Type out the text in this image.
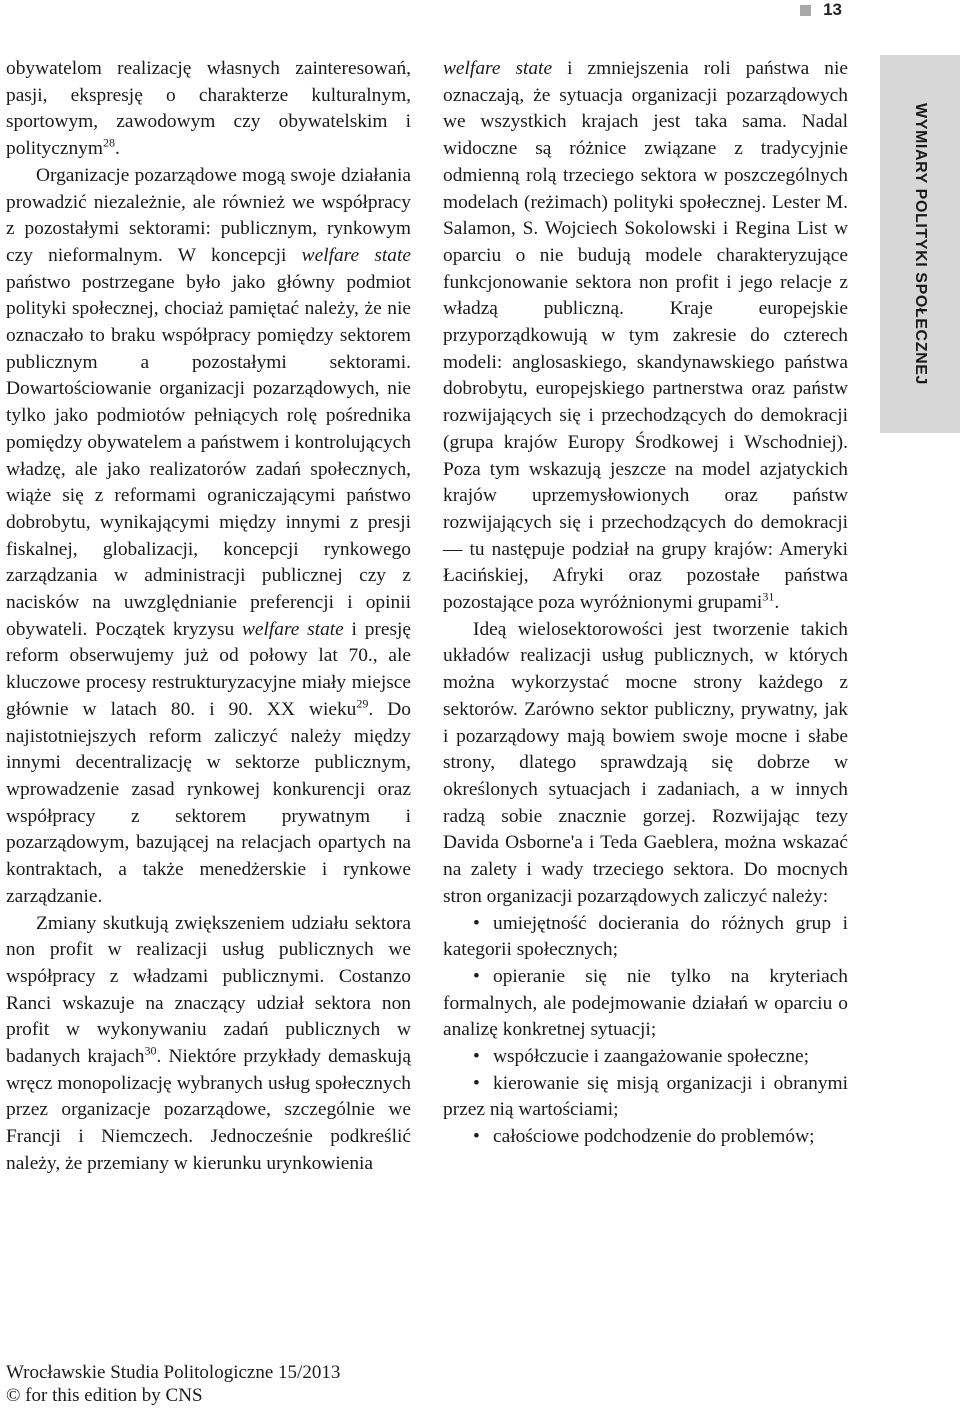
13
WYMIARY POLITYKI SPOŁECZNEJ

obywatelom realizację własnych zainteresowań, pasji, ekspresję o charakterze kulturalnym, sportowym, zawodowym czy obywatelskim i politycznym$^{28}$.

Organizacje pozarządowe mogą swoje działania prowadzić niezależnie, ale również we współpracy z pozostałymi sektorami: publicznym, rynkowym czy nieformalnym. W koncepcji welfare state państwo postrzegane było jako główny podmiot polityki społecznej, chociaż pamiętać należy, że nie oznaczało to braku współpracy pomiędzy sektorem publicznym a pozostałymi sektorami. Dowartościowanie organizacji pozarządowych, nie tylko jako podmiotów pełniących rolę pośrednika pomiędzy obywatelem a państwem i kontrolujących władzę, ale jako realizatorów zadań społecznych, wiąże się z reformami ograniczającymi państwo dobrobytu, wynikającymi między innymi z presji fiskalnej, globalizacji, koncepcji rynkowego zarządzania w administracji publicznej czy z nacisków na uwzględnianie preferencji i opinii obywateli. Początek kryzysu welfare state i presję reform obserwujemy już od połowy lat 70., ale kluczowe procesy restrukturyzacyjne miały miejsce głównie w latach 80. i 90. XX wieku$^{29}$. Do najistotniejszych reform zaliczyć należy między innymi decentralizację w sektorze publicznym, wprowadzenie zasad rynkowej konkurencji oraz współpracy z sektorem prywatnym i pozarządowym, bazującej na relacjach opartych na kontraktach, a także menedżerskie i rynkowe zarządzanie.

Zmiany skutkują zwiększeniem udziału sektora non profit w realizacji usług publicznych we współpracy z władzami publicznymi. Costanzo Ranci wskazuje na znaczący udział sektora non profit w wykonywaniu zadań publicznych w badanych krajach$^{30}$. Niektóre przykłady demaskują wręcz monopolizację wybranych usług społecznych przez organizacje pozarządowe, szczególnie we Francji i Niemczech. Jednocześnie podkreślić należy, że przemiany w kierunku urynkowienia

welfare state i zmniejszenia roli państwa nie oznaczają, że sytuacja organizacji pozarządowych we wszystkich krajach jest taka sama. Nadal widoczne są różnice związane z tradycyjnie odmienną rolą trzeciego sektora w poszczególnych modelach (reżimach) polityki społecznej. Lester M. Salamon, S. Wojciech Sokolowski i Regina List w oparciu o nie budują modele charakteryzujące funkcjonowanie sektora non profit i jego relacje z władzą publiczną. Kraje europejskie przyporządkowują w tym zakresie do czterech modeli: anglosaskiego, skandynawskiego państwa dobrobytu, europejskiego partnerstwa oraz państw rozwijających się i przechodzących do demokracji (grupa krajów Europy Środkowej i Wschodniej). Poza tym wskazują jeszcze na model azjatyckich krajów uprzemysłowionych oraz państw rozwijających się i przechodzących do demokracji — tu następuje podział na grupy krajów: Ameryki Łacińskiej, Afryki oraz pozostałe państwa pozostające poza wyróżnionymi grupami$^{31}$.

Ideą wielosektorowości jest tworzenie takich układów realizacji usług publicznych, w których można wykorzystać mocne strony każdego z sektorów. Zarówno sektor publiczny, prywatny, jak i pozarządowy mają bowiem swoje mocne i słabe strony, dlatego sprawdzają się dobrze w określonych sytuacjach i zadaniach, a w innych radzą sobie znacznie gorzej. Rozwijając tezy Davida Osborne'a i Teda Gaeblera, można wskazać na zalety i wady trzeciego sektora. Do mocnych stron organizacji pozarządowych zaliczyć należy:

• umiejętność docierania do różnych grup i kategorii społecznych;
• opieranie się nie tylko na kryteriach formalnych, ale podejmowanie działań w oparciu o analizę konkretnej sytuacji;
• współczucie i zaangażowanie społeczne;
• kierowanie się misją organizacji i obranymi przez nią wartościami;
• całościowe podchodzenie do problemów;
Wrocławskie Studia Politologiczne 15/2013
© for this edition by CNS
